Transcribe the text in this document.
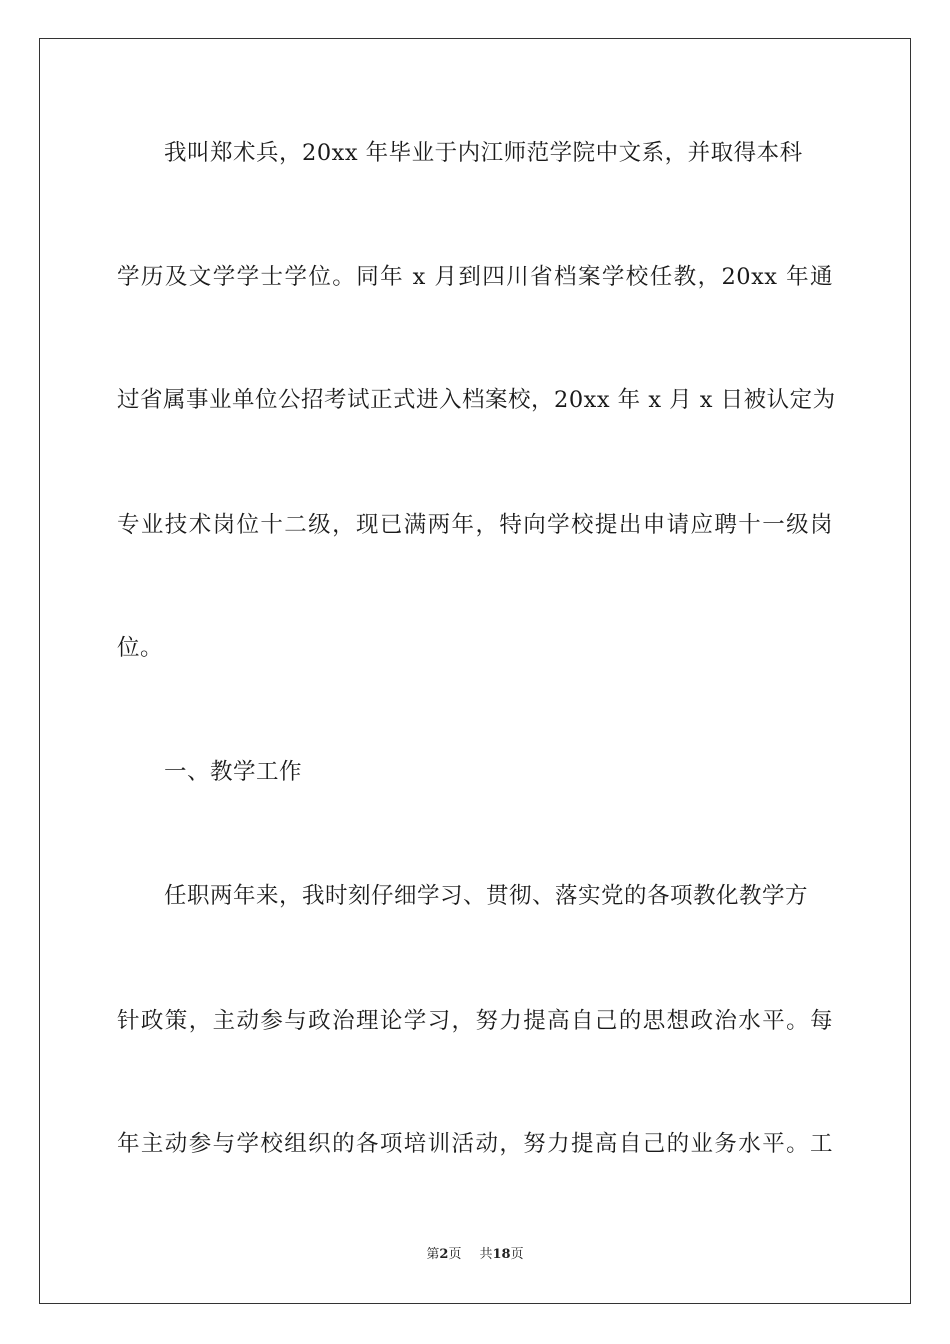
我叫郑术兵，20xx 年毕业于内江师范学院中文系，并取得本科
学历及文学学士学位。同年 x 月到四川省档案学校任教，20xx 年通
过省属事业单位公招考试正式进入档案校，20xx 年 x 月 x 日被认定为
专业技术岗位十二级，现已满两年，特向学校提出申请应聘十一级岗
位。
一、教学工作
任职两年来，我时刻仔细学习、贯彻、落实党的各项教化教学方
针政策，主动参与政治理论学习，努力提高自己的思想政治水平。每
年主动参与学校组织的各项培训活动，努力提高自己的业务水平。工
第2页 共18页
